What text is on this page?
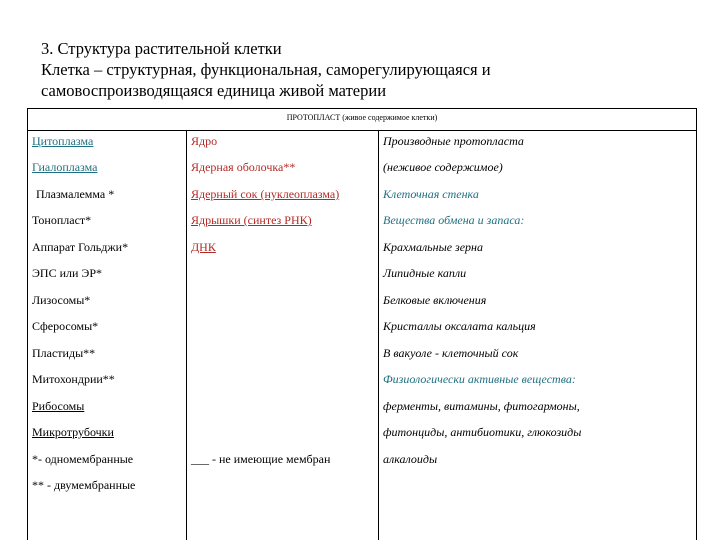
3. Структура растительной клетки
Клетка – структурная, функциональная, саморегулирующаяся и
самовоспроизводящаяся единица живой материи
ПРОТОПЛАСТ (живое содержимое клетки)
Цитоплазма
Гиалоплазма
Плазмалемма *
Тонопласт*
Аппарат Гольджи*
ЭПС или ЭР*
Лизосомы*
Сферосомы*
Пластиды**
Митохондрии**
Рибосомы
Микротрубочки
*- одномембранные
** - двумембранные
Ядро
Ядерная оболочка**
Ядерный сок (нуклеоплазма)
Ядрышки (синтез РНК)
ДНК
___ - не имеющие мембран
Производные протопласта
(неживое содержимое)
Клеточная стенка
Вещества обмена и запаса:
Крахмальные зерна
Липидные капли
Белковые включения
Кристаллы оксалата кальция
В вакуоле - клеточный сок
Физиологически активные вещества:
ферменты, витамины, фитогармоны,
фитонциды, антибиотики, глюкозиды
алкалоиды
